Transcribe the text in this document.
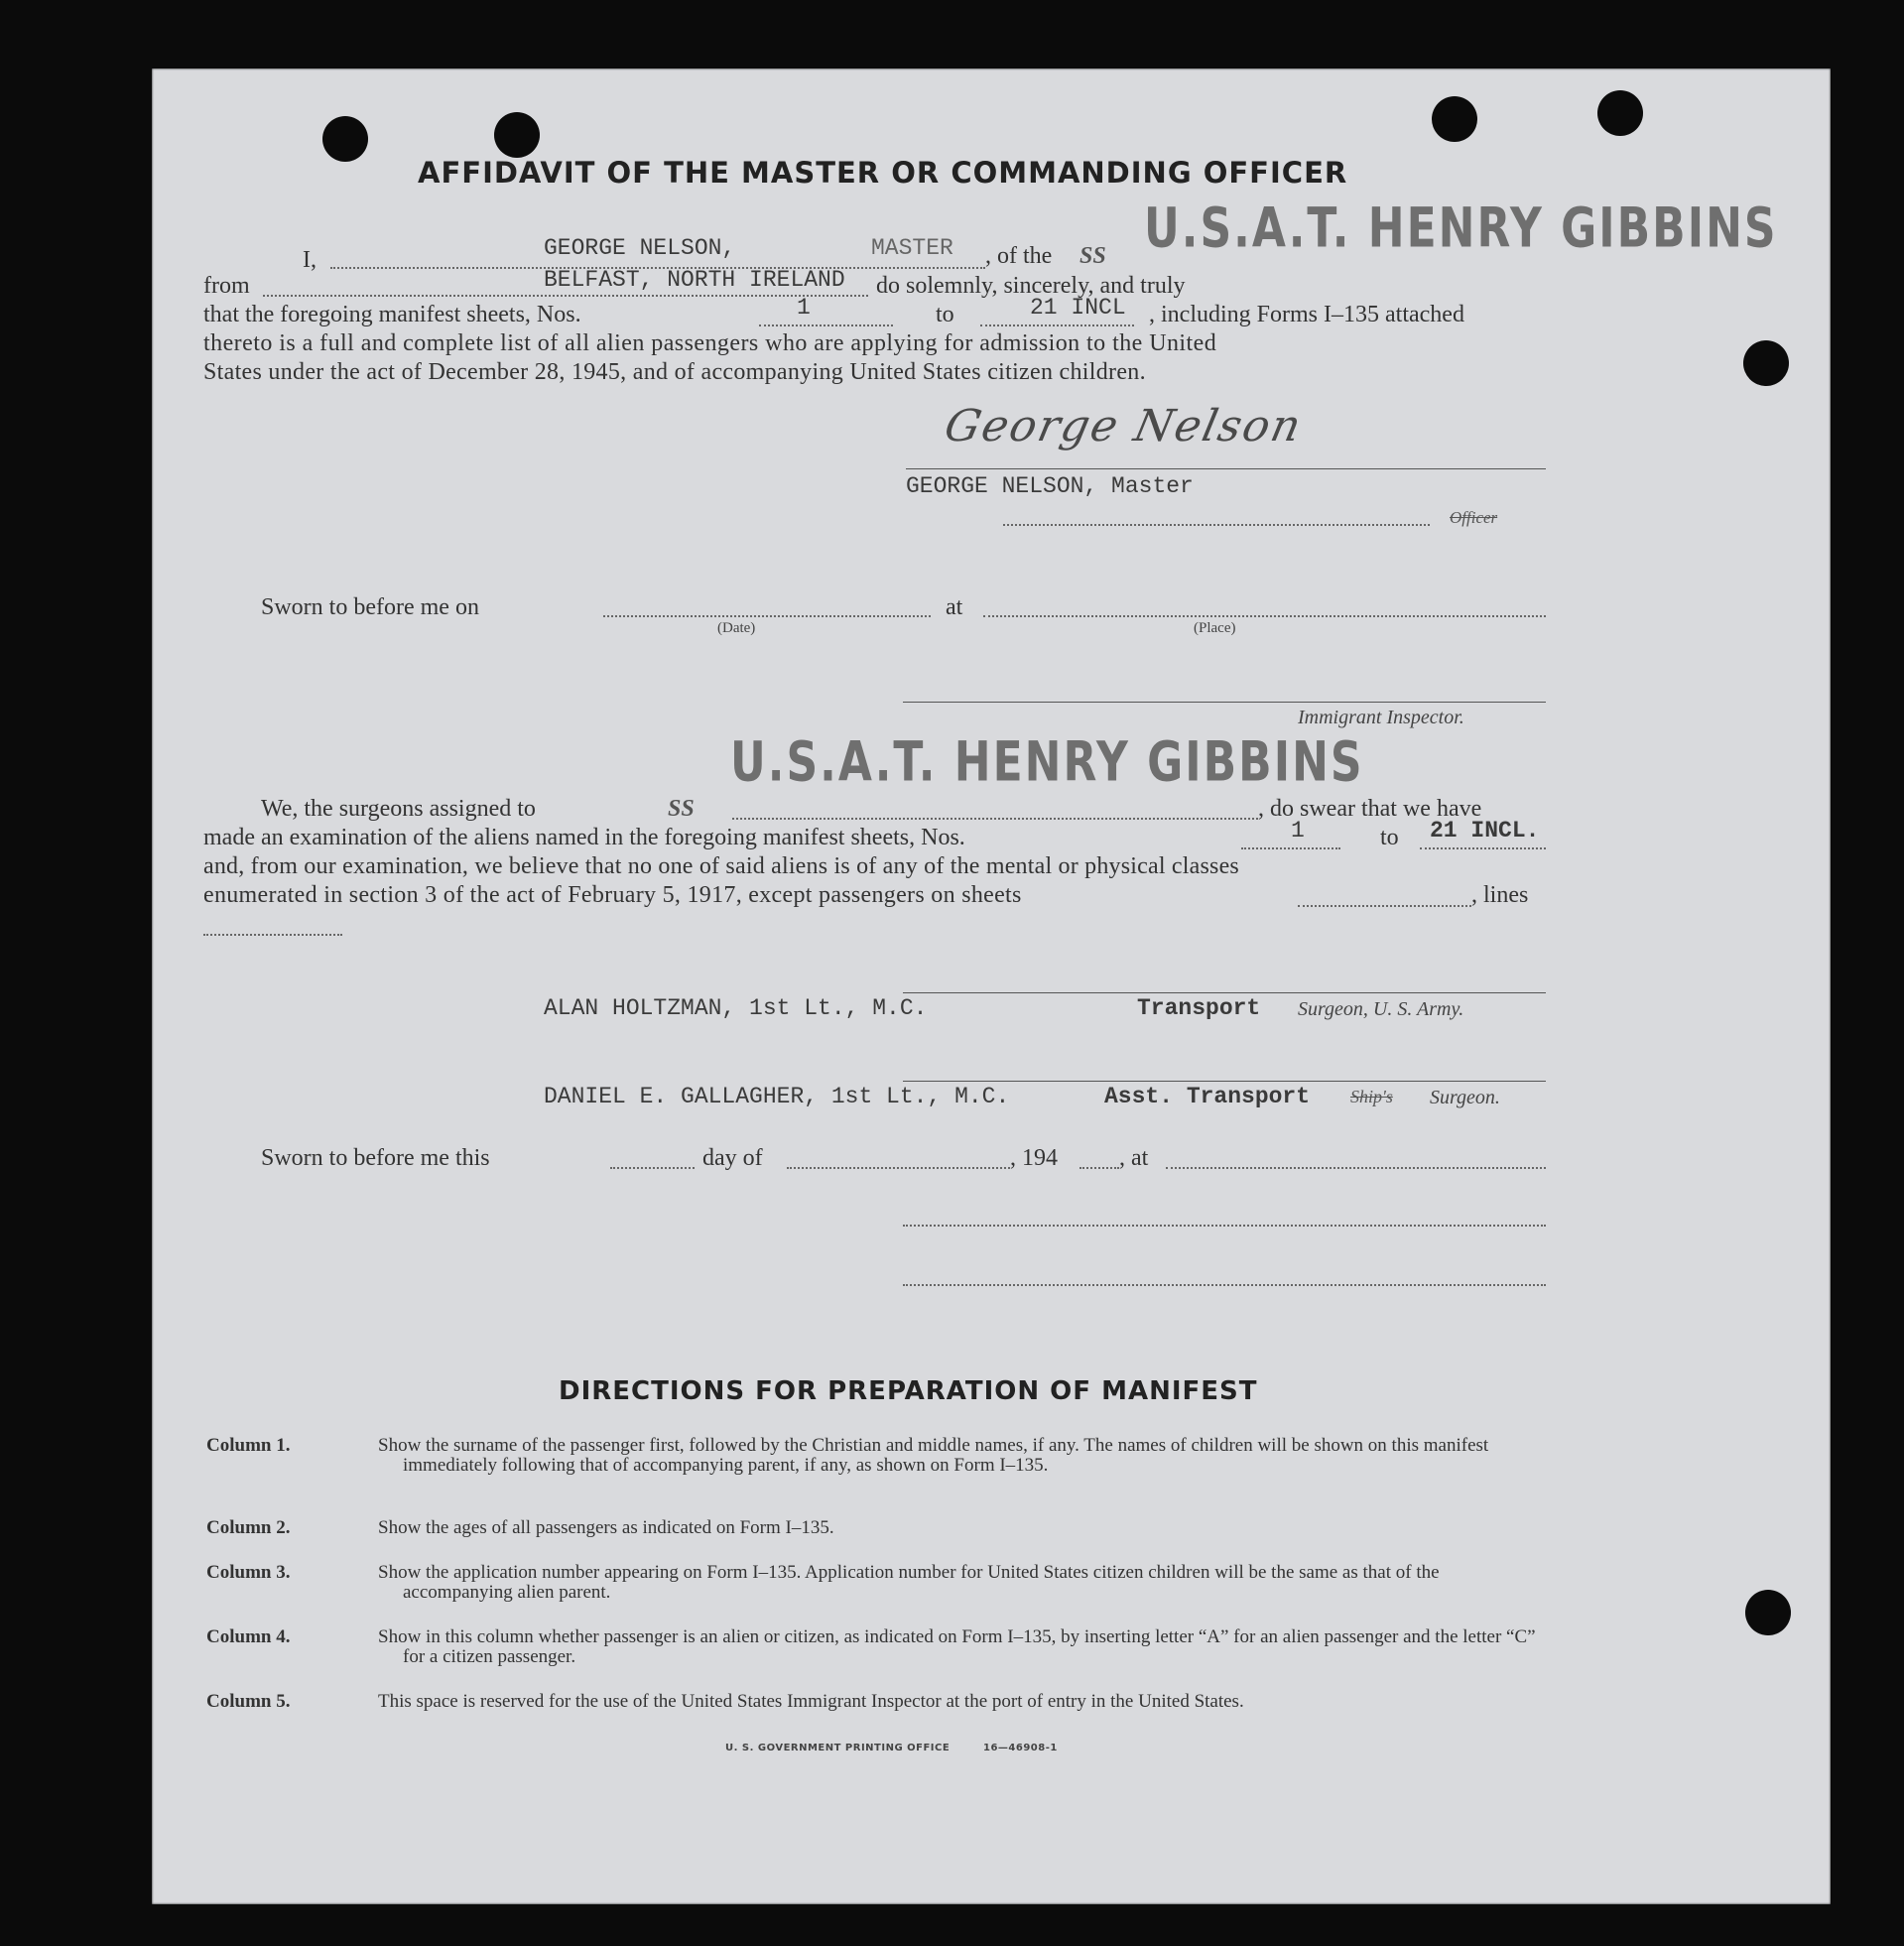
AFFIDAVIT OF THE MASTER OR COMMANDING OFFICER
I,	GEORGE NELSON,	MASTER , of the SS U.S.A.T. HENRY GIBBINS
from	BELFAST, NORTH IRELAND do solemnly, sincerely, and truly
that the foregoing manifest sheets, Nos.	1	to	21 INCL , including Forms I–135 attached
thereto is a full and complete list of all alien passengers who are applying for admission to the United
States under the act of December 28, 1945, and of accompanying United States citizen children.
George Nelson
GEORGE NELSON, Master
Officer
Sworn to before me on	at
(Date)	(Place)
Immigrant Inspector.
U.S.A.T. HENRY GIBBINS
We, the surgeons assigned to	SS	, do swear that we have
made an examination of the aliens named in the foregoing manifest sheets, Nos.	1	to 21 INCL.
and, from our examination, we believe that no one of said aliens is of any of the mental or physical classes
enumerated in section 3 of the act of February 5, 1917, except passengers on sheets	, lines
ALAN HOLTZMAN, 1st Lt., M.C.	Transport Surgeon, U. S. Army.
DANIEL E. GALLAGHER, 1st Lt., M.C.	Asst. Transport Ship's Surgeon.
Sworn to before me this	day of	, 194	, at
DIRECTIONS FOR PREPARATION OF MANIFEST
Column 1.	Show the surname of the passenger first, followed by the Christian and middle names, if any. The names of children will be shown on this manifest immediately following that of accompanying parent, if any, as shown on Form I–135.
Column 2.	Show the ages of all passengers as indicated on Form I–135.
Column 3.	Show the application number appearing on Form I–135. Application number for United States citizen children will be the same as that of the accompanying alien parent.
Column 4.	Show in this column whether passenger is an alien or citizen, as indicated on Form I–135, by inserting letter “A” for an alien passenger and the letter “C” for a citizen passenger.
Column 5.	This space is reserved for the use of the United States Immigrant Inspector at the port of entry in the United States.
U. S. GOVERNMENT PRINTING OFFICE	16—46908-1
